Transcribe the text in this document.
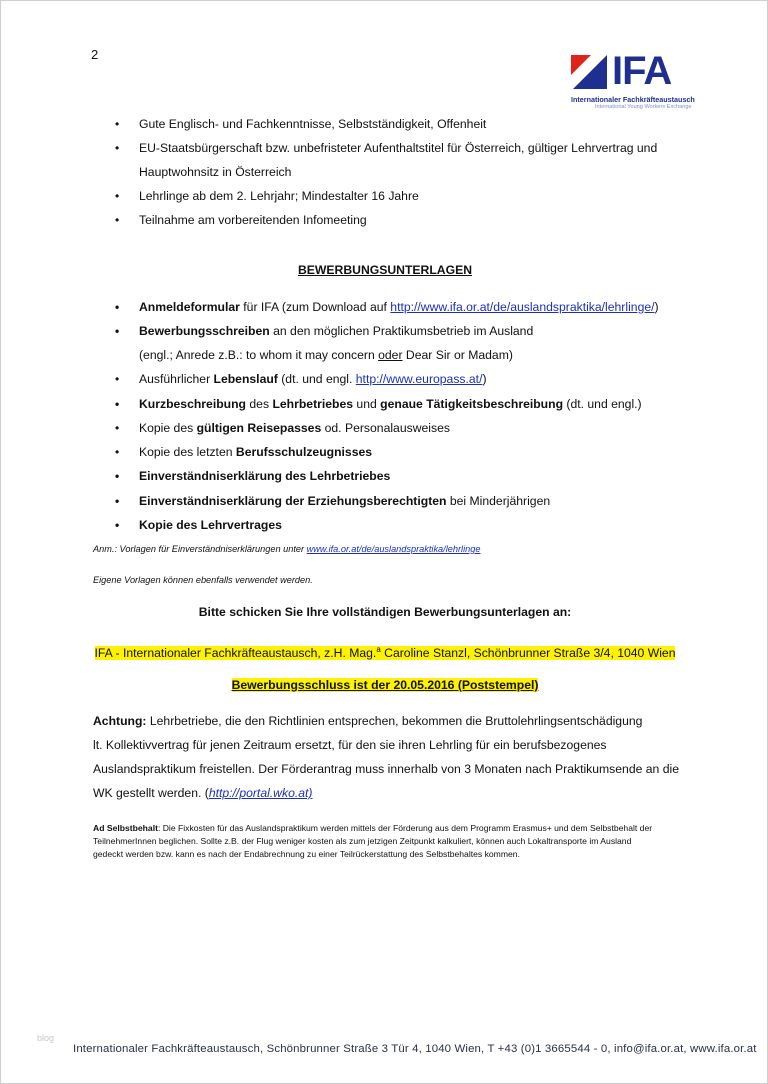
2	IFA
Internationaler Fachkräfteaustausch
International Young Workers Exchange
• Gute Englisch- und Fachkenntnisse, Selbstständigkeit, Offenheit
• EU-Staatsbürgerschaft bzw. unbefristeter Aufenthaltstitel für Österreich, gültiger Lehrvertrag und
Hauptwohnsitz in Österreich
• Lehrlinge ab dem 2. Lehrjahr; Mindestalter 16 Jahre
• Teilnahme am vorbereitenden Infomeeting
BEWERBUNGSUNTERLAGEN
• Anmeldeformular für IFA (zum Download auf http://www.ifa.or.at/de/auslandspraktika/lehrlinge/)
• Bewerbungsschreiben an den möglichen Praktikumsbetrieb im Ausland
(engl.; Anrede z.B.: to whom it may concern oder Dear Sir or Madam)
• Ausführlicher Lebenslauf (dt. und engl. http://www.europass.at/)
• Kurzbeschreibung des Lehrbetriebes und genaue Tätigkeitsbeschreibung (dt. und engl.)
• Kopie des gültigen Reisepasses od. Personalausweises
• Kopie des letzten Berufsschulzeugnisses
• Einverständniserklärung des Lehrbetriebes
• Einverständniserklärung der Erziehungsberechtigten bei Minderjährigen
• Kopie des Lehrvertrages
Anm.: Vorlagen für Einverständniserklärungen unter www.ifa.or.at/de/auslandspraktika/lehrlinge
Eigene Vorlagen können ebenfalls verwendet werden.
Bitte schicken Sie Ihre vollständigen Bewerbungsunterlagen an:
IFA - Internationaler Fachkräfteaustausch, z.H. Mag.$^a$ Caroline Stanzl, Schönbrunner Straße 3/4, 1040 Wien
Bewerbungsschluss ist der 20.05.2016 (Poststempel)
Achtung: Lehrbetriebe, die den Richtlinien entsprechen, bekommen die Bruttolehrlingsentschädigung
lt. Kollektivvertrag für jenen Zeitraum ersetzt, für den sie ihren Lehrling für ein berufsbezogenes
Auslandspraktikum freistellen. Der Förderantrag muss innerhalb von 3 Monaten nach Praktikumsende an die
WK gestellt werden. (http://portal.wko.at)
Ad Selbstbehalt: Die Fixkosten für das Auslandspraktikum werden mittels der Förderung aus dem Programm Erasmus+ und dem Selbstbehalt der
TeilnehmerInnen beglichen. Sollte z.B. der Flug weniger kosten als zum jetzigen Zeitpunkt kalkuliert, können auch Lokaltransporte im Ausland
gedeckt werden bzw. kann es nach der Endabrechnung zu einer Teilrückerstattung des Selbstbehaltes kommen.
blog
Internationaler Fachkräfteaustausch, Schönbrunner Straße 3 Tür 4, 1040 Wien, T +43 (0)1 3665544 - 0, info@ifa.or.at, www.ifa.or.at
